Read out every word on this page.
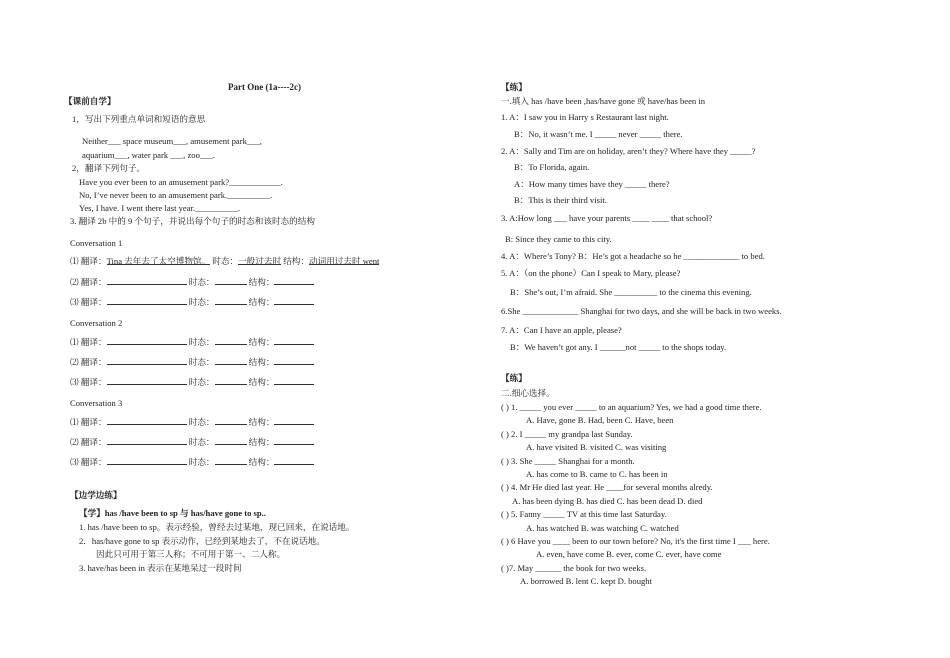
Part One (1a----2c)
【课前自学】
1，写出下列重点单词和短语的意思
Neither___ space museum___, amusement park___,
aquarium___, water park ___, zoo___.
2，翻译下列句子。
Have you ever been to an amusement park?____________.
No, I’ve never been to an amusement park.__________.
Yes, I have. I went there last year.__________.
3. 翻译 2b 中的 9 个句子，并说出每个句子的时态和该时态的结构
Conversation 1
⑴ 翻译：Tina 去年去了太空博物馆。 时态：一般过去时 结构：动词用过去时 went
⑵ 翻译：	时态：	结构：
⑶ 翻译：	时态：	结构：
Conversation 2
⑴ 翻译：	时态：	结构：
⑵ 翻译：	时态：	结构：
⑶ 翻译：	时态：	结构：
Conversation 3
⑴ 翻译：	时态：	结构：
⑵ 翻译：	时态：	结构：
⑶ 翻译：	时态：	结构：
【边学边练】
【学】has /have been to sp 与 has/have gone to sp..
1. has /have been to sp。表示经验，曾经去过某地，现已回来，在说话地。
2．has/have gone to sp 表示动作，已经到某地去了，不在说话地。
因此只可用于第三人称；不可用于第一、二人称。
3. have/has been in 表示在某地呆过一段时间
【练】
一.填入 has /have been ,has/have gone 或 have/has been in
1. A：I saw you in Harry s Restaurant last night.
B：No, it wasn’t me. I _____ never _____ there.
2. A：Sally and Tim are on holiday, aren’t they? Where have they _____?
B：To Florida, again.
A：How many times have they _____ there?
B：This is their third visit.
3. A:How long ___ have your parents ____ ____ that school?
B: Since they came to this city.
4. A：Where’s Tony? B：He’s got a headache so he _____________ to bed.
5. A：（on the phone）Can I speak to Mary, please?
B：She’s out, I’m afraid. She __________ to the cinema this evening.
6.She _____________ Shanghai for two days, and she will be back in two weeks.
7. A：Can I have an apple, please?
B：We haven’t got any. I ______not _____ to the shops today.
【练】
二.细心选择。
( ) 1. _____ you ever _____ to an aquarium? Yes, we had a good time there.
A. Have, gone B. Had, been C. Have, been
( ) 2. I _____ my grandpa last Sunday.
A. have visited B. visited C. was visiting
( ) 3. She _____ Shanghai for a month.
A. has come to B. came to C. has been in
( ) 4. Mr He died last year. He ____for several months alredy.
A. has been dying B. has died C. has been dead D. died
( ) 5. Fanny _____ TV at this time last Saturday.
A. has watched B. was watching C. watched
( ) 6 Have you ____ been to our town before? No, it's the first time I ___ here.
A. even, have come B. ever, come C. ever, have come
( )7. May ______ the book for two weeks.
A. borrowed B. lent C. kept D. bought
